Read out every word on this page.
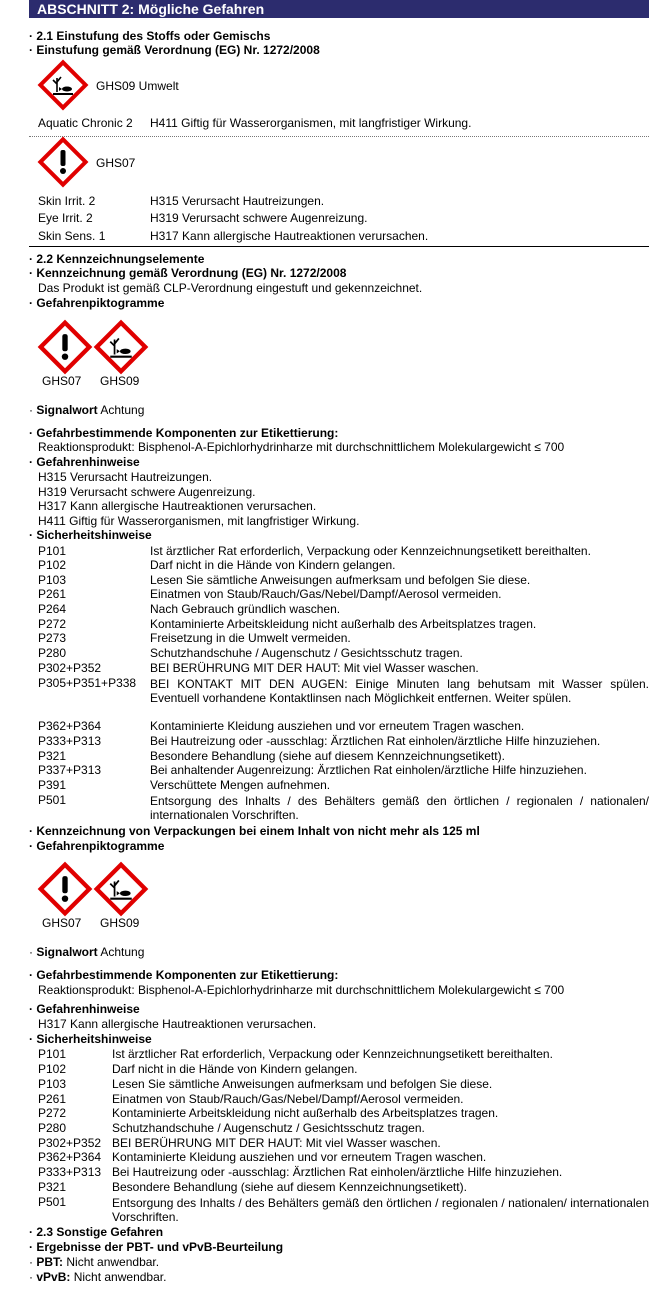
ABSCHNITT 2: Mögliche Gefahren
· 2.1 Einstufung des Stoffs oder Gemischs
· Einstufung gemäß Verordnung (EG) Nr. 1272/2008
GHS09 Umwelt
Aquatic Chronic 2 H411 Giftig für Wasserorganismen, mit langfristiger Wirkung.
GHS07
Skin Irrit. 2	H315 Verursacht Hautreizungen.
Eye Irrit. 2	H319 Verursacht schwere Augenreizung.
Skin Sens. 1	H317 Kann allergische Hautreaktionen verursachen.
· 2.2 Kennzeichnungselemente
· Kennzeichnung gemäß Verordnung (EG) Nr. 1272/2008
Das Produkt ist gemäß CLP-Verordnung eingestuft und gekennzeichnet.
· Gefahrenpiktogramme
GHS07 GHS09
· Signalwort Achtung
· Gefahrbestimmende Komponenten zur Etikettierung:
Reaktionsprodukt: Bisphenol-A-Epichlorhydrinharze mit durchschnittlichem Molekulargewicht ≤ 700
· Gefahrenhinweise
H315 Verursacht Hautreizungen.
H319 Verursacht schwere Augenreizung.
H317 Kann allergische Hautreaktionen verursachen.
H411 Giftig für Wasserorganismen, mit langfristiger Wirkung.
· Sicherheitshinweise
P101	Ist ärztlicher Rat erforderlich, Verpackung oder Kennzeichnungsetikett bereithalten.
P102	Darf nicht in die Hände von Kindern gelangen.
P103	Lesen Sie sämtliche Anweisungen aufmerksam und befolgen Sie diese.
P261	Einatmen von Staub/Rauch/Gas/Nebel/Dampf/Aerosol vermeiden.
P264	Nach Gebrauch gründlich waschen.
P272	Kontaminierte Arbeitskleidung nicht außerhalb des Arbeitsplatzes tragen.
P273	Freisetzung in die Umwelt vermeiden.
P280	Schutzhandschuhe / Augenschutz / Gesichtsschutz tragen.
P302+P352	BEI BERÜHRUNG MIT DER HAUT: Mit viel Wasser waschen.
P305+P351+P338 BEI KONTAKT MIT DEN AUGEN: Einige Minuten lang behutsam mit Wasser spülen. Eventuell vorhandene Kontaktlinsen nach Möglichkeit entfernen. Weiter spülen.
P362+P364	Kontaminierte Kleidung ausziehen und vor erneutem Tragen waschen.
P333+P313	Bei Hautreizung oder -ausschlag: Ärztlichen Rat einholen/ärztliche Hilfe hinzuziehen.
P321	Besondere Behandlung (siehe auf diesem Kennzeichnungsetikett).
P337+P313	Bei anhaltender Augenreizung: Ärztlichen Rat einholen/ärztliche Hilfe hinzuziehen.
P391	Verschüttete Mengen aufnehmen.
P501	Entsorgung des Inhalts / des Behälters gemäß den örtlichen / regionalen / nationalen/ internationalen Vorschriften.
· Kennzeichnung von Verpackungen bei einem Inhalt von nicht mehr als 125 ml
· Gefahrenpiktogramme
GHS07 GHS09
· Signalwort Achtung
· Gefahrbestimmende Komponenten zur Etikettierung:
Reaktionsprodukt: Bisphenol-A-Epichlorhydrinharze mit durchschnittlichem Molekulargewicht ≤ 700
· Gefahrenhinweise
H317 Kann allergische Hautreaktionen verursachen.
· Sicherheitshinweise
P101	Ist ärztlicher Rat erforderlich, Verpackung oder Kennzeichnungsetikett bereithalten.
P102	Darf nicht in die Hände von Kindern gelangen.
P103	Lesen Sie sämtliche Anweisungen aufmerksam und befolgen Sie diese.
P261	Einatmen von Staub/Rauch/Gas/Nebel/Dampf/Aerosol vermeiden.
P272	Kontaminierte Arbeitskleidung nicht außerhalb des Arbeitsplatzes tragen.
P280	Schutzhandschuhe / Augenschutz / Gesichtsschutz tragen.
P302+P352 BEI BERÜHRUNG MIT DER HAUT: Mit viel Wasser waschen.
P362+P364 Kontaminierte Kleidung ausziehen und vor erneutem Tragen waschen.
P333+P313 Bei Hautreizung oder -ausschlag: Ärztlichen Rat einholen/ärztliche Hilfe hinzuziehen.
P321	Besondere Behandlung (siehe auf diesem Kennzeichnungsetikett).
P501	Entsorgung des Inhalts / des Behälters gemäß den örtlichen / regionalen / nationalen/ internationalen Vorschriften.
· 2.3 Sonstige Gefahren
· Ergebnisse der PBT- und vPvB-Beurteilung
· PBT: Nicht anwendbar.
· vPvB: Nicht anwendbar.
